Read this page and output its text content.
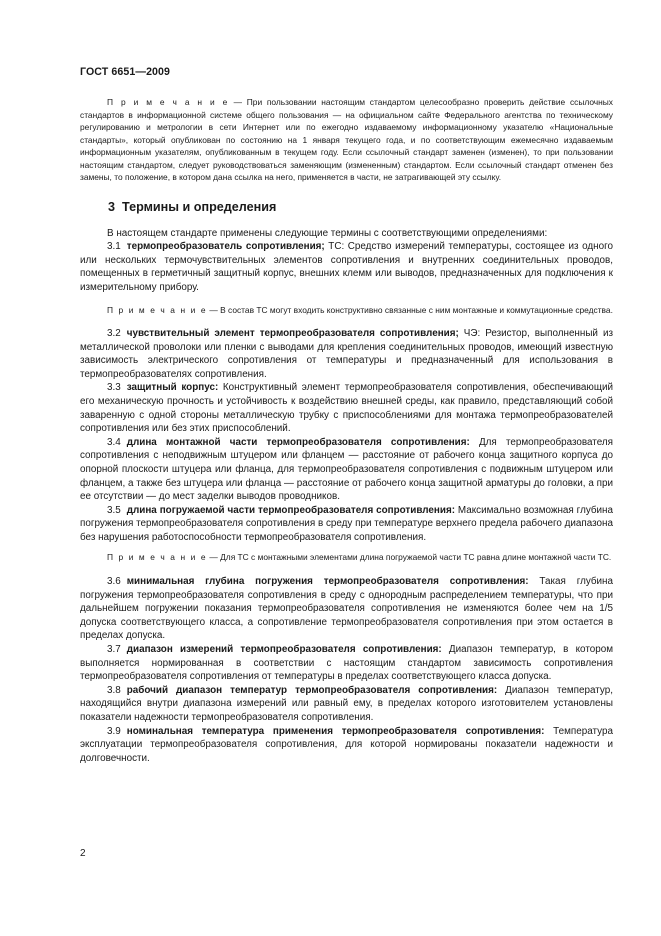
ГОСТ 6651—2009

П р и м е ч а н и е — При пользовании настоящим стандартом целесообразно проверить действие ссылочных стандартов в информационной системе общего пользования — на официальном сайте Федерального агентства по техническому регулированию и метрологии в сети Интернет или по ежегодно издаваемому информационному указателю «Национальные стандарты», который опубликован по состоянию на 1 января текущего года, и по соответствующим ежемесячно издаваемым информационным указателям, опубликованным в текущем году. Если ссылочный стандарт заменен (изменен), то при пользовании настоящим стандартом, следует руководствоваться заменяющим (измененным) стандартом. Если ссылочный стандарт отменен без замены, то положение, в котором дана ссылка на него, применяется в части, не затрагивающей эту ссылку.

3 Термины и определения

В настоящем стандарте применены следующие термины с соответствующими определениями:

3.1 термопреобразователь сопротивления; ТС: Средство измерений температуры, состоящее из одного или нескольких термочувствительных элементов сопротивления и внутренних соединительных проводов, помещенных в герметичный защитный корпус, внешних клемм или выводов, предназначенных для подключения к измерительному прибору.

П р и м е ч а н и е — В состав ТС могут входить конструктивно связанные с ним монтажные и коммутационные средства.

3.2 чувствительный элемент термопреобразователя сопротивления; ЧЭ: Резистор, выполненный из металлической проволоки или пленки с выводами для крепления соединительных проводов, имеющий известную зависимость электрического сопротивления от температуры и предназначенный для использования в термопреобразователях сопротивления.

3.3 защитный корпус: Конструктивный элемент термопреобразователя сопротивления, обеспечивающий его механическую прочность и устойчивость к воздействию внешней среды, как правило, представляющий собой заваренную с одной стороны металлическую трубку с приспособлениями для монтажа термопреобразователей сопротивления или без этих приспособлений.

3.4 длина монтажной части термопреобразователя сопротивления: Для термопреобразователя сопротивления с неподвижным штуцером или фланцем — расстояние от рабочего конца защитного корпуса до опорной плоскости штуцера или фланца, для термопреобразователя сопротивления с подвижным штуцером или фланцем, а также без штуцера или фланца — расстояние от рабочего конца защитной арматуры до головки, а при ее отсутствии — до мест заделки выводов проводников.

3.5 длина погружаемой части термопреобразователя сопротивления: Максимально возможная глубина погружения термопреобразователя сопротивления в среду при температуре верхнего предела рабочего диапазона без нарушения работоспособности термопреобразователя сопротивления.

П р и м е ч а н и е — Для ТС с монтажными элементами длина погружаемой части ТС равна длине монтажной части ТС.

3.6 минимальная глубина погружения термопреобразователя сопротивления: Такая глубина погружения термопреобразователя сопротивления в среду с однородным распределением температуры, что при дальнейшем погружении показания термопреобразователя сопротивления не изменяются более чем на 1/5 допуска соответствующего класса, а сопротивление термопреобразователя сопротивления при этом остается в пределах допуска.

3.7 диапазон измерений термопреобразователя сопротивления: Диапазон температур, в котором выполняется нормированная в соответствии с настоящим стандартом зависимость сопротивления термопреобразователя сопротивления от температуры в пределах соответствующего класса допуска.

3.8 рабочий диапазон температур термопреобразователя сопротивления: Диапазон температур, находящийся внутри диапазона измерений или равный ему, в пределах которого изготовителем установлены показатели надежности термопреобразователя сопротивления.

3.9 номинальная температура применения термопреобразователя сопротивления: Температура эксплуатации термопреобразователя сопротивления, для которой нормированы показатели надежности и долговечности.

2
